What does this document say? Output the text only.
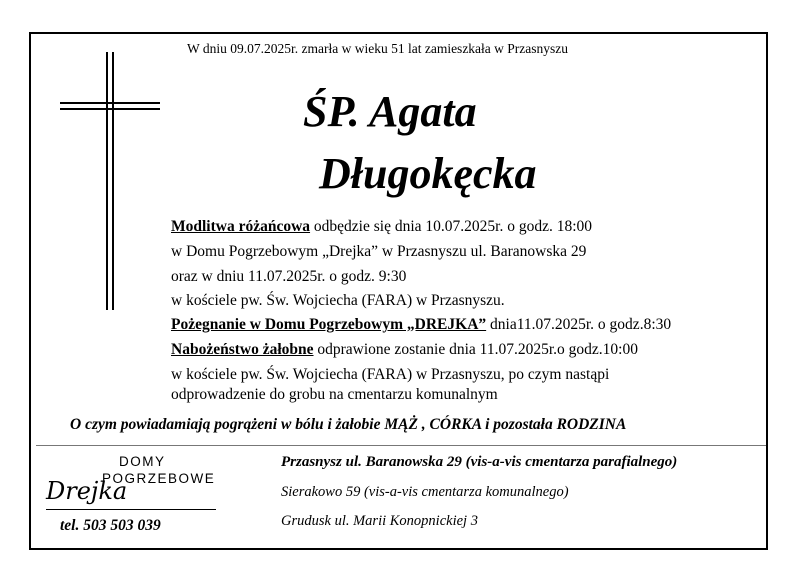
W dniu 09.07.2025r. zmarła w wieku 51 lat zamieszkała w Przasnyszu
ŚP. Agata
Długokęcka
Modlitwa różańcowa odbędzie się dnia 10.07.2025r. o godz. 18:00
w Domu Pogrzebowym „Drejka” w Przasnyszu ul. Baranowska 29
oraz w dniu 11.07.2025r. o godz. 9:30
w kościele pw. Św. Wojciecha (FARA) w Przasnyszu.
Pożegnanie w Domu Pogrzebowym „DREJKA” dnia11.07.2025r. o godz.8:30
Nabożeństwo żałobne odprawione zostanie dnia 11.07.2025r.o godz.10:00
w kościele pw. Św. Wojciecha (FARA) w Przasnyszu, po czym nastąpi
odprowadzenie do grobu na cmentarzu komunalnym
O czym powiadamiają pogrążeni w bólu i żałobie MĄŻ , CÓRKA i pozostała RODZINA
DOMY
POGRZEBOWE
Drejka
tel. 503 503 039
Przasnysz ul. Baranowska 29 (vis-a-vis cmentarza parafialnego)
Sierakowo 59 (vis-a-vis cmentarza komunalnego)
Grudusk ul. Marii Konopnickiej 3
